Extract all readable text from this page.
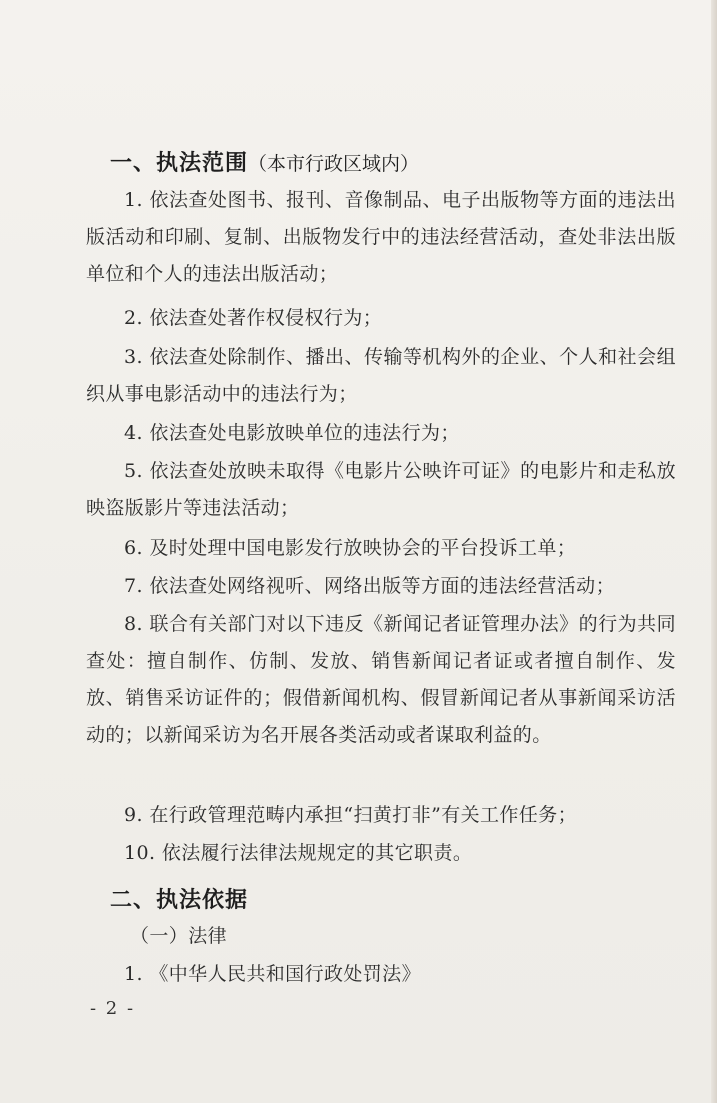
一、执法范围（本市行政区域内）
1. 依法查处图书、报刊、音像制品、电子出版物等方面的违法出版活动和印刷、复制、出版物发行中的违法经营活动，查处非法出版单位和个人的违法出版活动；
2. 依法查处著作权侵权行为；
3. 依法查处除制作、播出、传输等机构外的企业、个人和社会组织从事电影活动中的违法行为；
4. 依法查处电影放映单位的违法行为；
5. 依法查处放映未取得《电影片公映许可证》的电影片和走私放映盗版影片等违法活动；
6. 及时处理中国电影发行放映协会的平台投诉工单；
7. 依法查处网络视听、网络出版等方面的违法经营活动；
8. 联合有关部门对以下违反《新闻记者证管理办法》的行为共同查处：擅自制作、仿制、发放、销售新闻记者证或者擅自制作、发放、销售采访证件的；假借新闻机构、假冒新闻记者从事新闻采访活动的；以新闻采访为名开展各类活动或者谋取利益的。
9. 在行政管理范畴内承担“扫黄打非”有关工作任务；
10. 依法履行法律法规规定的其它职责。
二、执法依据
（一）法律
1. 《中华人民共和国行政处罚法》
- 2 -
